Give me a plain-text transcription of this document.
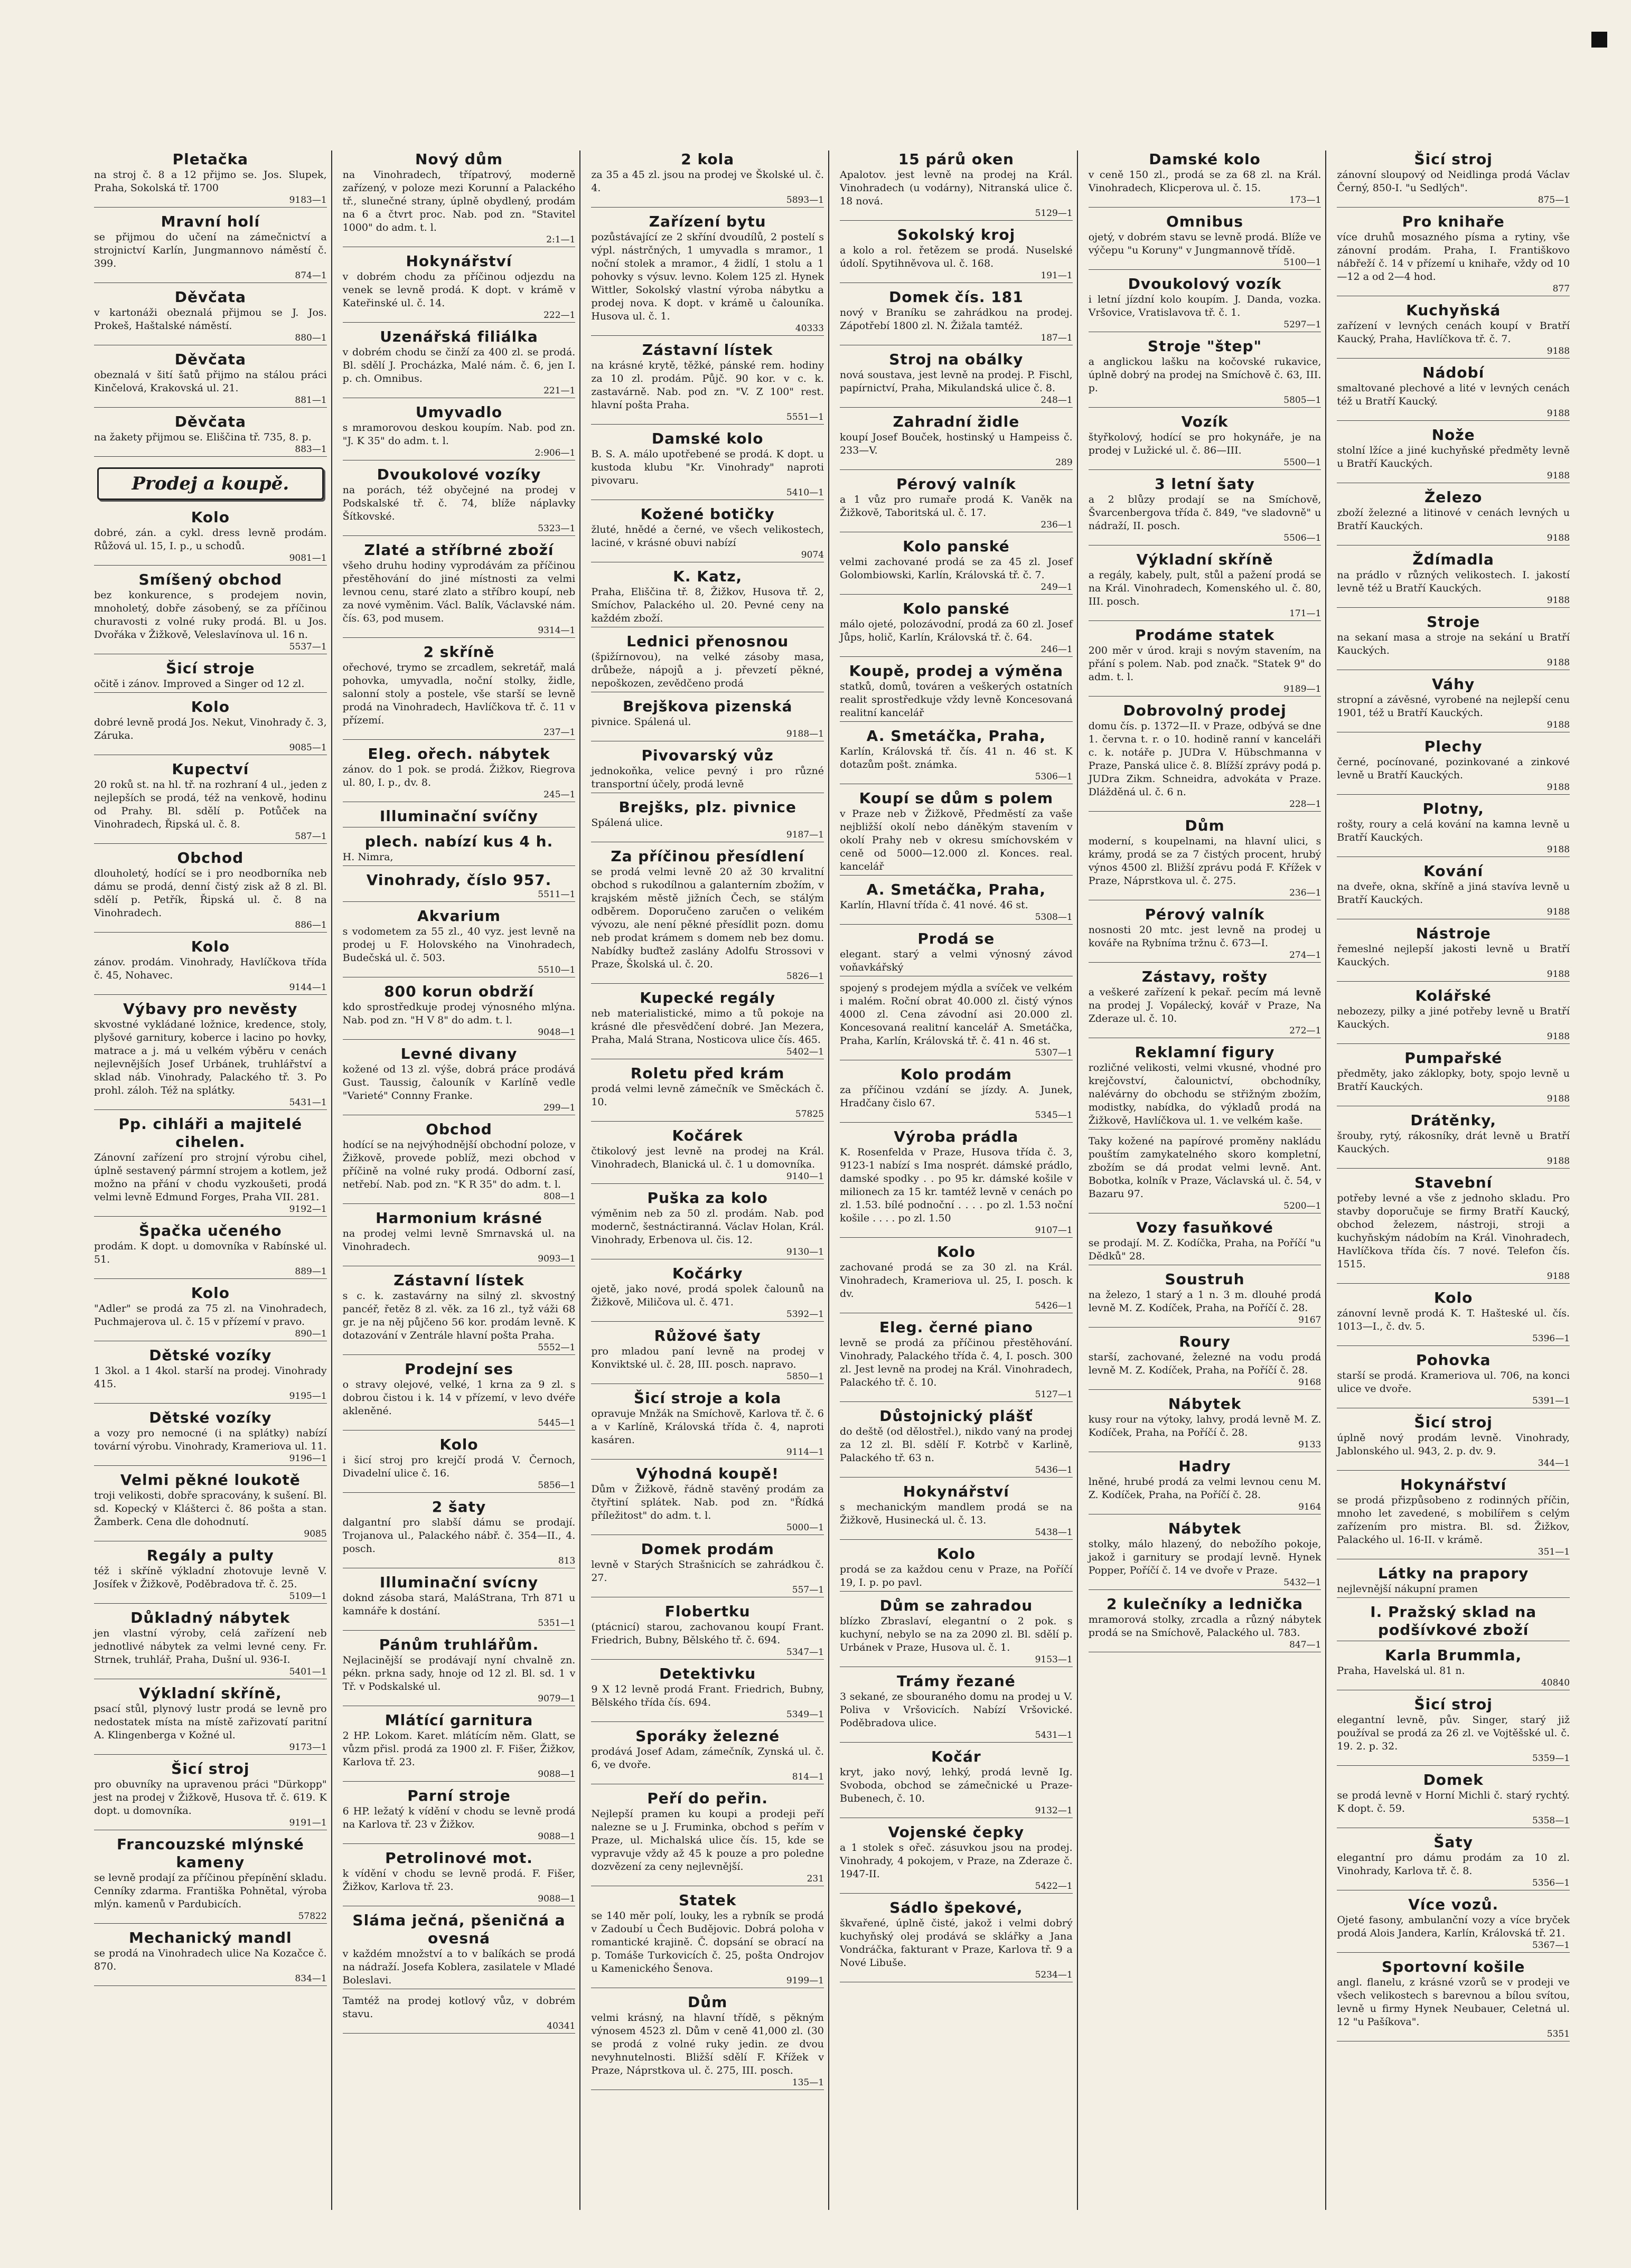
Pletačka

na stroj č. 8 a 12 přijmo se. Jos. Slupek, Praha, Sokolská tř. 1700

9183—1
Mravní holí

se přijmou do učení na zámečnictví a strojnictví Karlín, Jungmannovo náměstí č. 399.

874—1
Děvčata

v kartonáži obeznalá přijmou se J. Jos. Prokeš, Haštalské náměstí.

880—1
Děvčata

obeznalá v šití šatů přijmo na stálou práci Kinčelová, Krakovská ul. 21.

881—1
Děvčata

na žakety přijmou se. Eliščina tř. 735, 8. p.

883—1
Prodej a koupě.
Kolo

dobré, zán. a cykl. dress levně prodám. Růžová ul. 15, I. p., u schodů.

9081—1
Smíšený obchod

bez konkurence, s prodejem novin, mnoholetý, dobře zásobený, se za příčinou churavosti z volné ruky prodá. Bl. u Jos. Dvořáka v Žižkově, Veleslavínova ul. 16 n.

5537—1
Šicí stroje

očitě i zánov. Improved a Singer od 12 zl.

Kolo

dobré levně prodá Jos. Nekut, Vinohrady č. 3, Záruka.

9085—1
Kupectví

20 roků st. na hl. tř. na rozhraní 4 ul., jeden z nejlepších se prodá, též na venkově, hodinu od Prahy. Bl. sdělí p. Potůček na Vinohradech, Řipská ul. č. 8.

587—1
Obchod

dlouholetý, hodící se i pro neodborníka neb dámu se prodá, denní čistý zisk až 8 zl. Bl. sdělí p. Petřík, Řipská ul. č. 8 na Vinohradech.

886—1
Kolo

zánov. prodám. Vinohrady, Havlíčkova třída č. 45, Nohavec.

9144—1
Výbavy pro nevěsty

skvostné vykládané ložnice, kredence, stoly, plyšové garnitury, koberce i lacino po hovky, matrace a j. má u velkém výběru v cenách nejlevnějších Josef Urbánek, truhlářství a sklad náb. Vinohrady, Palackého tř. 3. Po prohl. záloh. Též na splátky.

5431—1
Pp. cihláři a majitelé cihelen.

Zánovní zařízení pro strojní výrobu cihel, úplně sestavený pármní strojem a kotlem, jež možno na přání v chodu vyzkoušeti, prodá velmi levně Edmund Forges, Praha VII. 281.

9192—1
Špačka učeného

prodám. K dopt. u domovníka v Rabínské ul. 51.

889—1
Kolo

"Adler" se prodá za 75 zl. na Vinohradech, Puchmajerova ul. č. 15 v přízemí v pravo.

890—1
Dětské vozíky

1 3kol. a 1 4kol. starší na prodej. Vinohrady 415.

9195—1
Dětské vozíky

a vozy pro nemocné (i na splátky) nabízí tovární výrobu. Vinohrady, Krameriova ul. 11.

9196—1
Velmi pěkné loukotě

troji velikosti, dobře spracovány, k sušení. Bl. sd. Kopecký v Klášterci č. 86 pošta a stan. Žamberk. Cena dle dohodnutí.

9085
Regály a pulty

též i skříně výkladní zhotovuje levně V. Josífek v Žižkově, Poděbradova tř. č. 25.

5109—1
Důkladný nábytek

jen vlastní výroby, celá zařízení neb jednotlivé nábytek za velmi levné ceny. Fr. Strnek, truhlář, Praha, Dušní ul. 936-I.

5401—1
Výkladní skříně,

psací stůl, plynový lustr prodá se levně pro nedostatek místa na místě zařizovatí paritní A. Klingenberga v Kožné ul.

9173—1
Šicí stroj

pro obuvníky na upravenou práci "Dürkopp" jest na prodej v Žižkově, Husova tř. č. 619. K dopt. u domovníka.

9191—1
Francouzské mlýnské kameny

se levně prodají za příčinou přepínění skladu. Cenníky zdarma. Františka Pohnětal, výroba mlýn. kamenů v Pardubicích.

57822
Mechanický mandl

se prodá na Vinohradech ulice Na Kozačce č. 870.

834—1
Nový dům

na Vinohradech, třípatrový, moderně zařízený, v poloze mezi Korunní a Palackého tř., slunečné strany, úplně obydlený, prodám na 6 a čtvrt proc. Nab. pod zn. "Stavitel 1000" do adm. t. l.

2:1—1
Hokynářství

v dobrém chodu za příčinou odjezdu na venek se levně prodá. K dopt. v krámě v Kateřinské ul. č. 14.

222—1
Uzenářská filiálka

v dobrém chodu se činží za 400 zl. se prodá. Bl. sdělí J. Procházka, Malé nám. č. 6, jen I. p. ch. Omnibus.

221—1
Umyvadlo

s mramorovou deskou koupím. Nab. pod zn. "J. K 35" do adm. t. l.

2:906—1
Dvoukolové vozíky

na porách, též obyčejné na prodej v Podskalské tř. č. 74, blíže náplavky Šítkovské.

5323—1
Zlaté a stříbrné zboží

všeho druhu hodiny vyprodávám za příčinou přestěhování do jiné místnosti za velmi levnou cenu, staré zlato a stříbro koupí, neb za nové vyměnim. Václ. Balík, Václavské nám. čís. 63, pod musem.

9314—1
2 skříně

ořechové, trymo se zrcadlem, sekretář, malá pohovka, umyvadla, noční stolky, židle, salonní stoly a postele, vše starší se levně prodá na Vinohradech, Havlíčkova tř. č. 11 v přízemí.

237—1
Eleg. ořech. nábytek

zánov. do 1 pok. se prodá. Žižkov, Riegrova ul. 80, I. p., dv. 8.

245—1
Illuminační svíčny
plech. nabízí kus 4 h.

H. Nimra,

Vinohrady, číslo 957.
5511—1
Akvarium

s vodometem za 55 zl., 40 vyz. jest levně na prodej u F. Holovského na Vinohradech, Budečská ul. č. 503.

5510—1
800 korun obdrží

kdo sprostředkuje prodej výnosného mlýna. Nab. pod zn. "H V 8" do adm. t. l.

9048—1
Levné divany

kožené od 13 zl. výše, dobrá práce prodává Gust. Taussig, čalouník v Karlíně vedle "Varieté" Connny Franke.

299—1
Obchod

hodící se na nejvýhodnější obchodní poloze, v Žižkově, provede poblíž, mezi obchod v příčině na volné ruky prodá. Odborní zasí, netřebí. Nab. pod zn. "K R 35" do adm. t. l.

808—1
Harmonium krásné

na prodej velmi levně Smrnavská ul. na Vinohradech.

9093—1
Zástavní lístek

s c. k. zastavárny na silný zl. skvostný pancéř, řetěz 8 zl. věk. za 16 zl., tyž váži 68 gr. je na něj půjčeno 56 kor. prodám levně. K dotazování v Zentrále hlavní pošta Praha.

5552—1
Prodejní ses

o stravy olejové, velké, 1 krna za 9 zl. s dobrou čistou i k. 14 v přízemí, v levo dvéře akleněné.

5445—1
Kolo

i šicí stroj pro krejčí prodá V. Černoch, Divadelní ulice č. 16.

5856—1
2 šaty

dalgantní pro slabší dámu se prodají. Trojanova ul., Palackého nábř. č. 354—II., 4. posch.

813
Illuminační svícny

doknd zásoba stará, MaláStrana, Trh 871 u kamnáře k dostání.

5351—1
Pánům truhlářům.

Nejlacinější se prodávají nyní chvalně zn. pékn. prkna sady, hnoje od 12 zl. Bl. sd. 1 v Tř. v Podskalské ul.

9079—1
Mlátící garnitura

2 HP. Lokom. Karet. mlátícím něm. Glatt, se vůzm přisl. prodá za 1900 zl. F. Fišer, Žižkov, Karlova tř. 23.

9088—1
Parní stroje

6 HP. ležatý k vídění v chodu se levně prodá na Karlova tř. 23 v Žižkov.

9088—1
Petrolinové mot.

k vídění v chodu se levně prodá. F. Fišer, Žižkov, Karlova tř. 23.

9088—1
Sláma ječná, pšeničná a ovesná

v každém množství a to v balíkách se prodá na nádraží. Josefa Koblera, zasilatele v Mladé Boleslavi.

Tamtéž na prodej kotlový vůz, v dobrém stavu.

40341
2 kola

za 35 a 45 zl. jsou na prodej ve Školské ul. č. 4.

5893—1
Zařízení bytu

pozůstávající ze 2 skříní dvoudílů, 2 postelí s výpl. nástrčných, 1 umyvadla s mramor., 1 noční stolek a mramor., 4 židlí, 1 stolu a 1 pohovky s výsuv. levno. Kolem 125 zl. Hynek Wittler, Sokolský vlastní výroba nábytku a prodej nova. K dopt. v krámě u čalouníka. Husova ul. č. 1.

40333
Zástavní lístek

na krásné krytě, těžké, pánské rem. hodiny za 10 zl. prodám. Půjč. 90 kor. v c. k. zastavárně. Nab. pod zn. "V. Z 100" rest. hlavní pošta Praha.

5551—1
Damské kolo

B. S. A. málo upotřebené se prodá. K dopt. u kustoda klubu "Kr. Vinohrady" naproti pivovaru.

5410—1
Kožené botičky

žluté, hnědé a černé, ve všech velikostech, laciné, v krásné obuvi nabízí

9074
K. Katz,

Praha, Eliščina tř. 8, Žižkov, Husova tř. 2, Smíchov, Palackého ul. 20. Pevné ceny na každém zboží.

Lednici přenosnou

(špižírnovou), na velké zásoby masa, drůbeže, nápojů a j. převzetí pěkné, nepoškozen, zevědčeno prodá

Brejškova pizenská

pivnice. Spálená ul.

9188—1
Pivovarský vůz

jednokoňka, velice pevný i pro různé transportní účely, prodá levně

Brejšks, plz. pivnice

Spálená ulice.

9187—1
Za příčinou přesídlení

se prodá velmi levně 20 až 30 krvalitní obchod s rukodílnou a galanterním zbožím, v krajském městě jižních Čech, se stálým odběrem. Doporučeno zaručen o velikém vývozu, ale není pěkné přesídlit pozn. domu neb prodat krámem s domem neb bez domu. Nabídky buďtež zaslány Adolfu Strossovi v Praze, Školská ul. č. 20.

5826—1
Kupecké regály

neb materialistické, mimo a tů pokoje na krásné dle přesvědčení dobré. Jan Mezera, Praha, Malá Strana, Nosticova ulice čís. 465.

5402—1
Roletu před krám

prodá velmi levně zámečník ve Směckách č. 10.

57825
Kočárek

čtikolový jest levně na prodej na Král. Vinohradech, Blanická ul. č. 1 u domovníka.

9140—1
Puška za kolo

výměnim neb za 50 zl. prodám. Nab. pod modernč, šestnáctiranná. Václav Holan, Král. Vinohrady, Erbenova ul. čis. 12.

9130—1
Kočárky

ojetě, jako nové, prodá spolek čalounů na Žižkově, Miličova ul. č. 471.

5392—1
Růžové šaty

pro mladou paní levně na prodej v Konviktské ul. č. 28, III. posch. napravo.

5850—1
Šicí stroje a kola

opravuje Mnžák na Smíchově, Karlova tř. č. 6 a v Karlíně, Královská třída č. 4, naproti kasáren.

9114—1
Výhodná koupě!

Dům v Žižkově, řádně stavěný prodám za čtyřtiní splátek. Nab. pod zn. "Řídká příležitost" do adm. t. l.

5000—1
Domek prodám

levně v Starých Strašnicích se zahrádkou č. 27.

557—1
Flobertku

(ptácnicí) starou, zachovanou koupí Frant. Friedrich, Bubny, Bělského tř. č. 694.

5347—1
Detektivku

9 X 12 levně prodá Frant. Friedrich, Bubny, Bělského třída čís. 694.

5349—1
Sporáky železné

prodává Josef Adam, zámečník, Zynská ul. č. 6, ve dvoře.

814—1
Peří do peřin.

Nejlepší pramen ku koupi a prodeji peří nalezne se u J. Fruminka, obchod s peřím v Praze, ul. Michalská ulice čís. 15, kde se vypravuje vždy až 45 k pouze a pro poledne dozvězení za ceny nejlevnější.

231
Statek

se 140 měr polí, louky, les a rybník se prodá v Zadoubí u Čech Budějovic. Dobrá poloha v romantické krajině. Č. dopsání se obrací na p. Tomáše Turkovicích č. 25, pošta Ondrojov u Kamenického Šenova.

9199—1
Dům

velmi krásný, na hlavní třídě, s pěkným výnosem 4523 zl. Dům v ceně 41,000 zl. (30 se prodá z volné ruky jedin. ze dvou nevyhnutelnosti. Bližší sdělí F. Křížek v Praze, Náprstkova ul. č. 275, III. posch.

135—1
15 párů oken

Apalotov. jest levně na prodej na Král. Vinohradech (u vodárny), Nitranská ulice č. 18 nová.

5129—1
Sokolský kroj

a kolo a rol. řetězem se prodá. Nuselské údolí. Spytihněvova ul. č. 168.

191—1
Domek čís. 181

nový v Braníku se zahrádkou na prodej. Zápotřebí 1800 zl. N. Žižala tamtéž.

187—1
Stroj na obálky

nová soustava, jest levně na prodej. P. Fischl, papírnictví, Praha, Mikulandská ulice č. 8.

248—1
Zahradní židle

koupí Josef Bouček, hostinský u Hampeiss č. 233—V.

289
Pérový valník

a 1 vůz pro rumaře prodá K. Vaněk na Žižkově, Taboritská ul. č. 17.

236—1
Kolo panské

velmi zachované prodá se za 45 zl. Josef Golombiowski, Karlín, Královská tř. č. 7.

249—1
Kolo panské

málo ojeté, polozávodní, prodá za 60 zl. Josef Jůps, holič, Karlín, Královská tř. č. 64.

246—1
Koupě, prodej a výměna

statků, domů, továren a veškerých ostatních realit sprostředkuje vždy levně Koncesovaná realitní kancelář

A. Smetáčka, Praha,

Karlín, Královská tř. čís. 41 n. 46 st. K dotazům pošt. známka.

5306—1
Koupí se dům s polem

v Praze neb v Žižkově, Předměstí za vaše nejbližší okolí nebo dáněkým stavením v okolí Prahy neb v okresu smíchovském v ceně od 5000—12.000 zl. Konces. real. kancelář

A. Smetáčka, Praha,

Karlín, Hlavní třída č. 41 nové. 46 st.

5308—1
Prodá se

elegant. starý a velmi výnosný závod voňavkářský

spojený s prodejem mýdla a svíček ve velkém i malém. Roční obrat 40.000 zl. čistý výnos 4000 zl. Cena závodní asi 20.000 zl. Koncesovaná realitní kancelář A. Smetáčka, Praha, Karlín, Královská tř. č. 41 n. 46 st.

5307—1
Kolo prodám

za příčinou vzdání se jízdy. A. Junek, Hradčany čislo 67.

5345—1
Výroba prádla

K. Rosenfelda v Praze, Husova třída č. 3, 9123-1 nabízí s Ima nosprét. dámské prádlo, damské spodky . . po 95 kr. dámské košile v milionech za 15 kr. tamtéž levně v cenách po zl. 1.53. bílé podnoční . . . . po zl. 1.53 noční košile . . . . po zl. 1.50

9107—1
Kolo

zachované prodá se za 30 zl. na Král. Vinohradech, Krameriova ul. 25, I. posch. k dv.

5426—1
Eleg. černé piano

levně se prodá za příčinou přestěhování. Vinohrady, Palackého třída č. 4, I. posch. 300 zl. Jest levně na prodej na Král. Vinohradech, Palackého tř. č. 10.

5127—1
Důstojnický plášť

do deště (od dělostřel.), nikdo vaný na prodej za 12 zl. Bl. sdělí F. Kotrbč v Karlině, Palackého tř. 63 n.

5436—1
Hokynářství

s mechanickým mandlem prodá se na Žižkově, Husinecká ul. č. 13.

5438—1
Kolo

prodá se za každou cenu v Praze, na Poříčí 19, I. p. po pavl.

Dům se zahradou

blízko Zbraslaví, elegantní o 2 pok. s kuchyní, nebylo se na za 2090 zl. Bl. sdělí p. Urbánek v Praze, Husova ul. č. 1.

9153—1
Trámy řezané

3 sekané, ze sbouraného domu na prodej u V. Poliva v Vršovicích. Nabízí Vršovické. Poděbradova ulice.

5431—1
Kočár

kryt, jako nový, lehký, prodá levně Ig. Svoboda, obchod se zámečnické u Praze-Bubenech, č. 10.

9132—1
Vojenské čepky

a 1 stolek s ořeč. zásuvkou jsou na prodej. Vinohrady, 4 pokojem, v Praze, na Zderaze č. 1947-II.

5422—1
Sádlo špekové,

škvařené, úplně čisté, jakož i velmi dobrý kuchyňský olej prodává se sklářky a Jana Vondráčka, fakturant v Praze, Karlova tř. 9 a Nové Libuše.

5234—1
Damské kolo

v ceně 150 zl., prodá se za 68 zl. na Král. Vinohradech, Klicperova ul. č. 15.

173—1
Omnibus

ojetý, v dobrém stavu se levně prodá. Blíže ve výčepu "u Koruny" v Jungmannově třídě.

5100—1
Dvoukolový vozík

i letní jízdní kolo koupím. J. Danda, vozka. Vršovice, Vratislavova tř. č. 1.

5297—1
Stroje "štep"

a anglickou lašku na kočovské rukavice, úplně dobrý na prodej na Smíchově č. 63, III. p.

5805—1
Vozík

štyřkolový, hodící se pro hokynáře, je na prodej v Lužické ul. č. 86—III.

5500—1
3 letní šaty

a 2 blůzy prodají se na Smíchově, Švarcenbergova třída č. 849, "ve sladovně" u nádraží, II. posch.

5506—1
Výkladní skříně

a regály, kabely, pult, stůl a pažení prodá se na Král. Vinohradech, Komenského ul. č. 80, III. posch.

171—1
Prodáme statek

200 měr v úrod. kraji s novým stavením, na přání s polem. Nab. pod značk. "Statek 9" do adm. t. l.

9189—1
Dobrovolný prodej

domu čís. p. 1372—II. v Praze, odbývá se dne 1. června t. r. o 10. hodině ranní v kanceláři c. k. notáře p. JUDra V. Hübschmanna v Praze, Panská ulice č. 8. Blížší zprávy podá p. JUDra Zikm. Schneidra, advokáta v Praze. Dlážděná ul. č. 6 n.

228—1
Dům

moderní, s koupelnami, na hlavní ulici, s krámy, prodá se za 7 čistých procent, hrubý výnos 4500 zl. Bližší zprávu podá F. Křížek v Praze, Náprstkova ul. č. 275.

236—1
Pérový valník

nosnosti 20 mtc. jest levně na prodej u kováře na Rybníma tržnu č. 673—I.

274—1
Zástavy, rošty

a veškeré zařízení k pekař. pecím má levně na prodej J. Vopálecký, kovář v Praze, Na Zderaze ul. č. 10.

272—1
Reklamní figury

rozličné velikosti, velmi vkusné, vhodné pro krejčovství, čalounictví, obchodníky, nalévárny do obchodu se střižným zbožím, modistky, nabídka, do výkladů prodá na Žižkově, Havlíčkova ul. 1. ve velkém kaše.

Taky kožené na papírové proměny nakládu pouštím zamykatelného skoro kompletní, zbožím se dá prodat velmi levně. Ant. Bobotka, kolník v Praze, Václavská ul. č. 54, v Bazaru 97.

5200—1
Vozy fasuňkové

se prodají. M. Z. Kodíčka, Praha, na Poříčí "u Dědků" 28.

Soustruh

na železo, 1 starý a 1 n. 3 m. dlouhé prodá levně M. Z. Kodíček, Praha, na Poříčí č. 28.

9167
Roury

starší, zachované, železné na vodu prodá levně M. Z. Kodíček, Praha, na Poříčí č. 28.

9168
Nábytek

kusy rour na výtoky, lahvy, prodá levně M. Z. Kodíček, Praha, na Poříčí č. 28.

9133
Hadry

lněné, hrubé prodá za velmi levnou cenu M. Z. Kodíček, Praha, na Poříčí č. 28.

9164
Nábytek

stolky, málo hlazený, do nebožího pokoje, jakož i garnitury se prodají levně. Hynek Popper, Poříčí č. 14 ve dvoře v Praze.

5432—1
2 kulečníky a lednička

mramorová stolky, zrcadla a různý nábytek prodá se na Smíchově, Palackého ul. 783.

847—1
Šicí stroj

zánovní sloupový od Neidlinga prodá Václav Černý, 850-I. "u Sedlých".

875—1
Pro knihaře

více druhů mosazného písma a rytiny, vše zánovní prodám. Praha, I. Františkovo nábřeží č. 14 v přízemí u knihaře, vždy od 10—12 a od 2—4 hod.

877
Kuchyňská

zařízení v levných cenách koupí v Bratří Kaucký, Praha, Havlíčkova tř. č. 7.

9188
Nádobí

smaltované plechové a lité v levných cenách též u Bratří Kaucký.

9188
Nože

stolní lžíce a jiné kuchyňské předměty levně u Bratří Kauckých.

9188
Železo

zboží železné a litinové v cenách levných u Bratří Kauckých.

9188
Ždímadla

na prádlo v různých velikostech. I. jakostí levně též u Bratří Kauckých.

9188
Stroje

na sekaní masa a stroje na sekání u Bratří Kauckých.

9188
Váhy

stropní a závěsné, vyrobené na nejlepší cenu 1901, též u Bratří Kauckých.

9188
Plechy

černé, pocínované, pozinkované a zinkové levně u Bratří Kauckých.

9188
Plotny,

rošty, roury a celá kování na kamna levně u Bratří Kauckých.

9188
Kování

na dveře, okna, skříně a jiná stavíva levně u Bratří Kauckých.

9188
Nástroje

řemeslné nejlepší jakosti levně u Bratří Kauckých.

9188
Kolářské

nebozezy, pilky a jiné potřeby levně u Bratří Kauckých.

9188
Pumpařské

předměty, jako záklopky, boty, spojo levně u Bratří Kauckých.

9188
Drátěnky,

šrouby, rytý, rákosníky, drát levně u Bratří Kauckých.

9188
Stavební

potřeby levné a vše z jednoho skladu. Pro stavby doporučuje se firmy Bratří Kaucký, obchod železem, nástroji, stroji a kuchyňským nádobím na Král. Vinohradech, Havlíčkova třída čís. 7 nové. Telefon čís. 1515.

9188
Kolo

zánovní levně prodá K. T. Hašteské ul. čís. 1013—I., č. dv. 5.

5396—1
Pohovka

starší se prodá. Krameriova ul. 706, na konci ulice ve dvoře.

5391—1
Šicí stroj

úplně nový prodám levně. Vinohrady, Jablonského ul. 943, 2. p. dv. 9.

344—1
Hokynářství

se prodá přizpůsobeno z rodinných příčin, mnoho let zavedené, s mobilířem s celým zařízením pro mistra. Bl. sd. Žižkov, Palackého ul. 16-II. v krámě.

351—1
Látky na prapory

nejlevnější nákupní pramen

I. Pražský sklad na podšívkové zboží
Karla Brummla,

Praha, Havelská ul. 81 n.

40840
Šicí stroj

elegantní levně, pův. Singer, starý již používal se prodá za 26 zl. ve Vojtěšské ul. č. 19. 2. p. 32.

5359—1
Domek

se prodá levně v Horní Michli č. starý rychtý. K dopt. č. 59.

5358—1
Šaty

elegantní pro dámu prodám za 10 zl. Vinohrady, Karlova tř. č. 8.

5356—1
Více vozů.

Ojeté fasony, ambulanční vozy a více bryček prodá Alois Jandera, Karlín, Královská tř. 21.

5367—1
Sportovní košile

angl. flanelu, z krásné vzorů se v prodeji ve všech velikostech s barevnou a bílou svítou, levně u firmy Hynek Neubauer, Celetná ul. 12 "u Pašíkova".

5351
